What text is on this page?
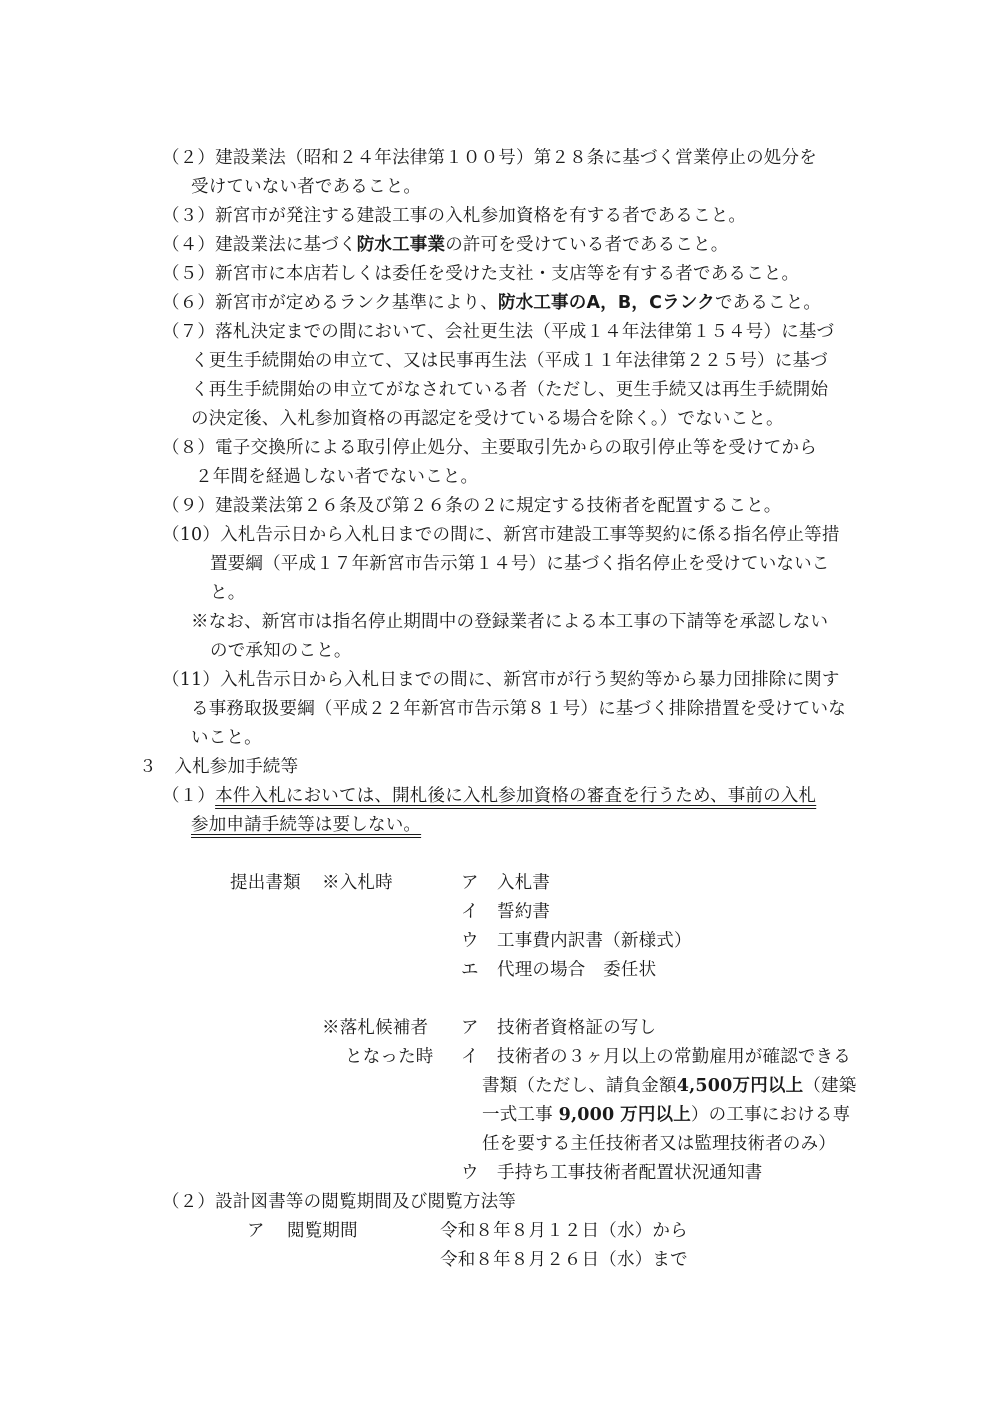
（２）建設業法（昭和２４年法律第１００号）第２８条に基づく営業停止の処分を
受けていない者であること。
（３）新宮市が発注する建設工事の入札参加資格を有する者であること。
（４）建設業法に基づく防水工事業の許可を受けている者であること。
（５）新宮市に本店若しくは委任を受けた支社・支店等を有する者であること。
（６）新宮市が定めるランク基準により、防水工事のA，B，Cランクであること。
（７）落札決定までの間において、会社更生法（平成１４年法律第１５４号）に基づ
く更生手続開始の申立て、又は民事再生法（平成１１年法律第２２５号）に基づ
く再生手続開始の申立てがなされている者（ただし、更生手続又は再生手続開始
の決定後、入札参加資格の再認定を受けている場合を除く。）でないこと。
（８）電子交換所による取引停止処分、主要取引先からの取引停止等を受けてから
２年間を経過しない者でないこと。
（９）建設業法第２６条及び第２６条の２に規定する技術者を配置すること。
（10）入札告示日から入札日までの間に、新宮市建設工事等契約に係る指名停止等措
置要綱（平成１７年新宮市告示第１４号）に基づく指名停止を受けていないこ
と。
※なお、新宮市は指名停止期間中の登録業者による本工事の下請等を承認しない
ので承知のこと。
（11）入札告示日から入札日までの間に、新宮市が行う契約等から暴力団排除に関す
る事務取扱要綱（平成２２年新宮市告示第８１号）に基づく排除措置を受けていな
いこと。
３　入札参加手続等
（１）本件入札においては、開札後に入札参加資格の審査を行うため、事前の入札
参加申請手続等は要しない。
提出書類 ※入札時	ア 入札書
イ 誓約書
ウ 工事費内訳書（新様式）
エ 代理の場合　委任状
※落札候補者
となった時
ア 技術者資格証の写し
イ 技術者の３ヶ月以上の常勤雇用が確認できる
書類（ただし、請負金額4,500万円以上（建築
一式工事 9,000 万円以上）の工事における専
任を要する主任技術者又は監理技術者のみ）
ウ 手持ち工事技術者配置状況通知書
（２）設計図書等の閲覧期間及び閲覧方法等
ア 閲覧期間	令和８年８月１２日（水）から
令和８年８月２６日（水）まで
